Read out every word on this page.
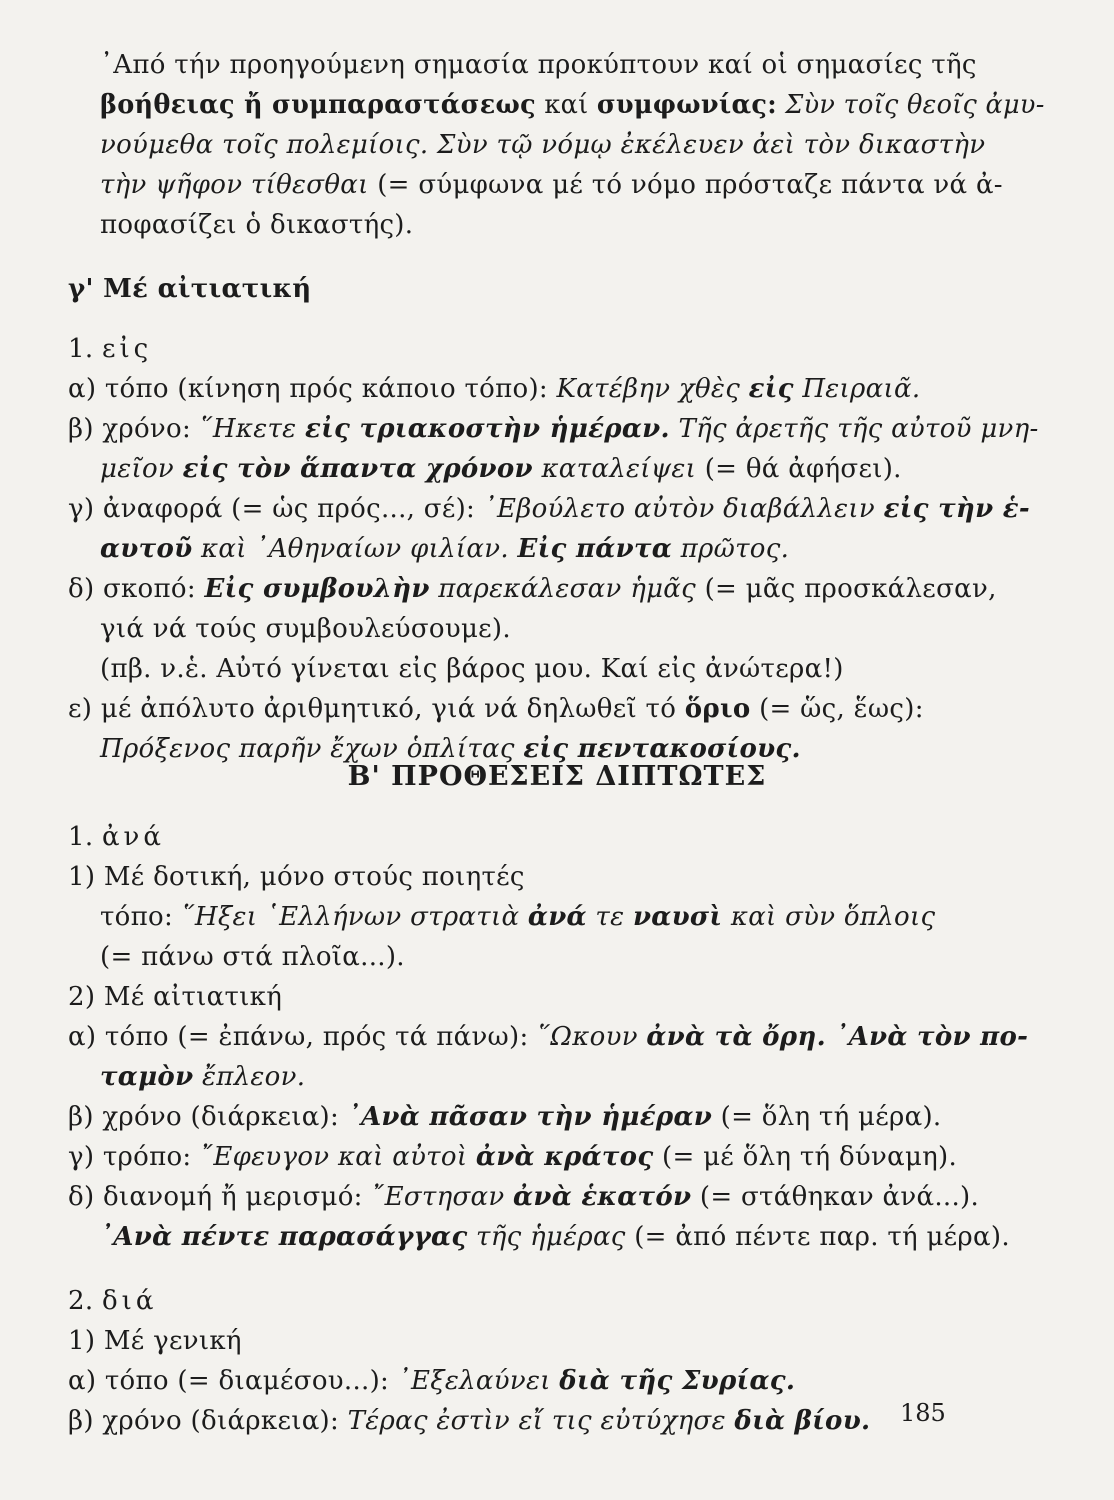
Β' ΠΡΟΘΕΣΕΙΣ ΔΙΠΤΩΤΕΣ
185
᾿Από τήν προηγούμενη σημασία προκύπτουν καί οἱ σημασίες τῆς
βοήθειας ἤ συμπαραστάσεως καί συμφωνίας: Σὺν τοῖς θεοῖς ἀμυ-
νούμεθα τοῖς πολεμίοις. Σὺν τῷ νόμῳ ἐκέλευεν ἀεὶ τὸν δικαστὴν
τὴν ψῆφον τίθεσθαι (= σύμφωνα μέ τό νόμο πρόσταζε πάντα νά ἀ-
ποφασίζει ὁ δικαστής).
γ' Μέ αἰτιατική
1. εἰς
α) τόπο (κίνηση πρός κάποιο τόπο): Κατέβην χθὲς εἰς Πειραιᾶ.
β) χρόνο: ῞Ηκετε εἰς τριακοστὴν ἡμέραν. Τῆς ἀρετῆς τῆς αὐτοῦ μνη-
μεῖον εἰς τὸν ἅπαντα χρόνον καταλείψει (= θά ἀφήσει).
γ) ἀναφορά (= ὡς πρός..., σέ): ᾿Εβούλετο αὐτὸν διαβάλλειν εἰς τὴν ἑ-
αυτοῦ καὶ ᾿Αθηναίων φιλίαν. Εἰς πάντα πρῶτος.
δ) σκοπό: Εἰς συμβουλὴν παρεκάλεσαν ἡμᾶς (= μᾶς προσκάλεσαν,
γιά νά τούς συμβουλεύσουμε).
(πβ. ν.ἑ. Αὐτό γίνεται εἰς βάρος μου. Καί εἰς ἀνώτερα!)
ε) μέ ἀπόλυτο ἀριθμητικό, γιά νά δηλωθεῖ τό ὅριο (= ὥς, ἕως):
Πρόξενος παρῆν ἔχων ὁπλίτας εἰς πεντακοσίους.
1. ἀνά
1) Μέ δοτική, μόνο στούς ποιητές
τόπο: ῞Ηξει ῾Ελλήνων στρατιὰ ἀνά τε ναυσὶ καὶ σὺν ὅπλοις
(= πάνω στά πλοῖα...).
2) Μέ αἰτιατική
α) τόπο (= ἐπάνω, πρός τά πάνω): ῞Ωκουν ἀνὰ τὰ ὄρη. ᾿Ανὰ τὸν πο-
ταμὸν ἔπλεον.
β) χρόνο (διάρκεια): ᾿Ανὰ πᾶσαν τὴν ἡμέραν (= ὅλη τή μέρα).
γ) τρόπο: ῎Εφευγον καὶ αὐτοὶ ἀνὰ κράτος (= μέ ὅλη τή δύναμη).
δ) διανομή ἤ μερισμό: ῎Εστησαν ἀνὰ ἑκατόν (= στάθηκαν ἀνά...).
᾿Ανὰ πέντε παρασάγγας τῆς ἡμέρας (= ἀπό πέντε παρ. τή μέρα).
2. διά
1) Μέ γενική
α) τόπο (= διαμέσου...): ᾿Εξελαύνει διὰ τῆς Συρίας.
β) χρόνο (διάρκεια): Τέρας ἐστὶν εἴ τις εὐτύχησε διὰ βίου.
